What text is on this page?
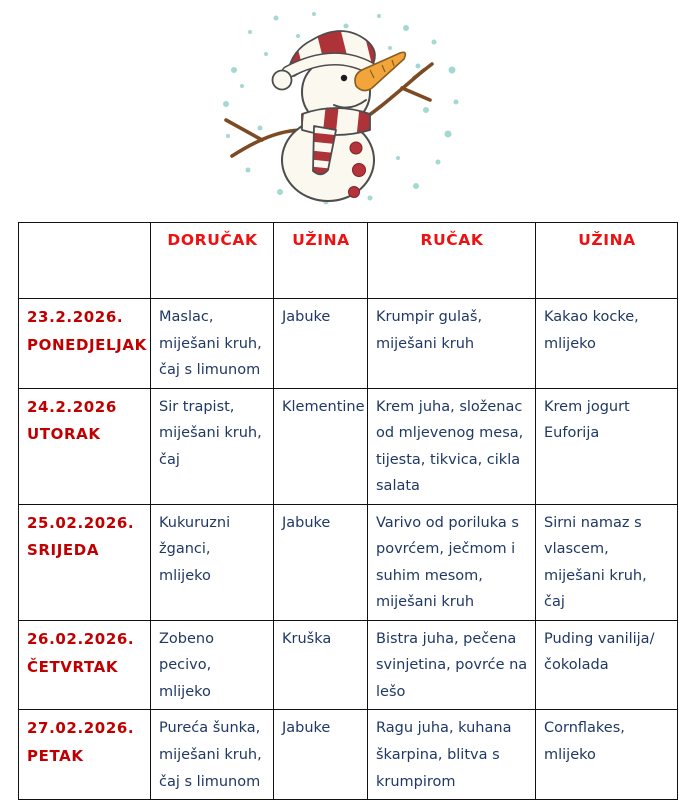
	DORUČAK	UŽINA	RUČAK	UŽINA

23.2.2026.
PONEDJELJAK	Maslac, miješani kruh, čaj s limunom	Jabuke	Krumpir gulaš, miješani kruh	Kakao kocke, mlijeko

24.2.2026
UTORAK	Sir trapist, miješani kruh, čaj	Klementine	Krem juha, složenac od mljevenog mesa, tijesta, tikvica, cikla salata	Krem jogurt Euforija

25.02.2026.
SRIJEDA	Kukuruzni žganci, mlijeko	Jabuke	Varivo od poriluka s povrćem, ječmom i suhim mesom, miješani kruh	Sirni namaz s vlascem, miješani kruh, čaj

26.02.2026.
ČETVRTAK	Zobeno pecivo, mlijeko	Kruška	Bistra juha, pečena svinjetina, povrće na lešo	Puding vanilija/čokolada

27.02.2026.
PETAK	Pureća šunka, miješani kruh, čaj s limunom	Jabuke	Ragu juha, kuhana škarpina, blitva s krumpirom	Cornflakes, mlijeko
